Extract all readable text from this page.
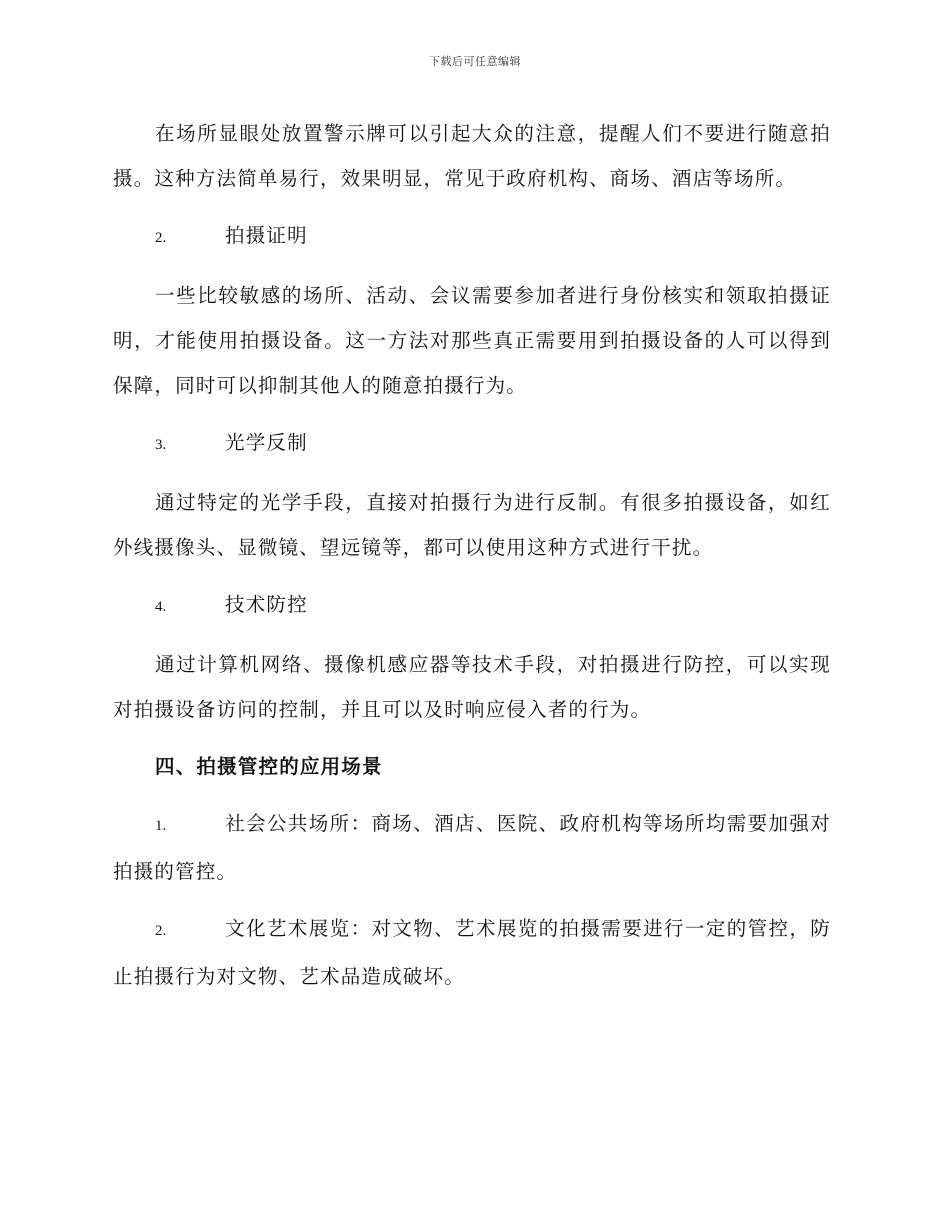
下载后可任意编辑

在场所显眼处放置警示牌可以引起大众的注意，提醒人们不要进行随意拍摄。这种方法简单易行，效果明显，常见于政府机构、商场、酒店等场所。

2.	拍摄证明

一些比较敏感的场所、活动、会议需要参加者进行身份核实和领取拍摄证明，才能使用拍摄设备。这一方法对那些真正需要用到拍摄设备的人可以得到保障，同时可以抑制其他人的随意拍摄行为。

3.	光学反制

通过特定的光学手段，直接对拍摄行为进行反制。有很多拍摄设备，如红外线摄像头、显微镜、望远镜等，都可以使用这种方式进行干扰。

4.	技术防控

通过计算机网络、摄像机感应器等技术手段，对拍摄进行防控，可以实现对拍摄设备访问的控制，并且可以及时响应侵入者的行为。

四、拍摄管控的应用场景

1.	社会公共场所：商场、酒店、医院、政府机构等场所均需要加强对拍摄的管控。

2.	文化艺术展览：对文物、艺术展览的拍摄需要进行一定的管控，防止拍摄行为对文物、艺术品造成破坏。
